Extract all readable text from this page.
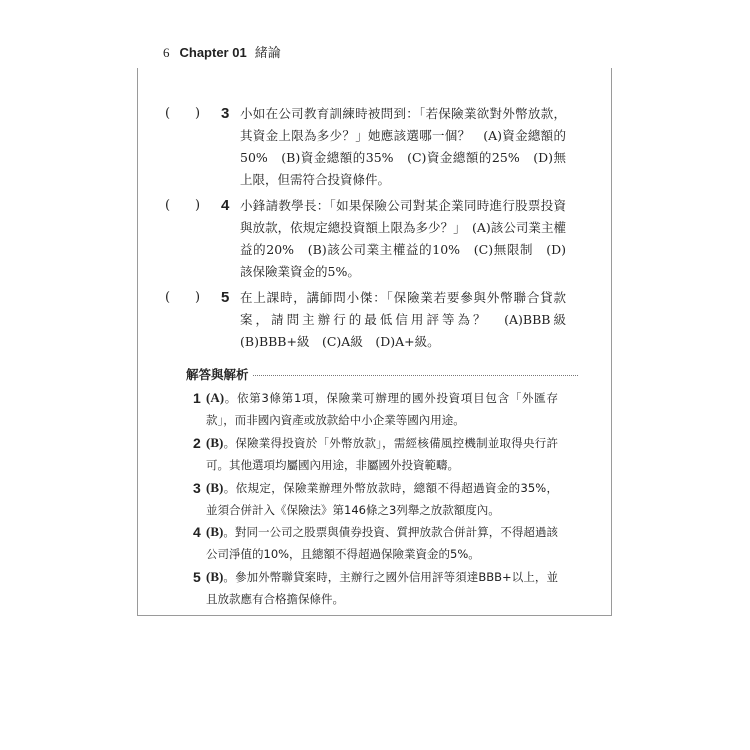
6 Chapter 01 緒論
( ) 3 小如在公司教育訓練時被問到：「若保險業欲對外幣放款，其資金上限為多少？」她應該選哪一個？　(A)資金總額的50%　(B)資金總額的35%　(C)資金總額的25%　(D)無上限，但需符合投資條件。
( ) 4 小鋒請教學長：「如果保險公司對某企業同時進行股票投資與放款，依規定總投資額上限為多少？」　(A)該公司業主權益的20%　(B)該公司業主權益的10%　(C)無限制　(D)該保險業資金的5%。
( ) 5 在上課時，講師問小傑：「保險業若要參與外幣聯合貸款案，請問主辦行的最低信用評等為？　(A)BBB級　(B)BBB+級　(C)A級　(D)A+級。
解答與解析
1 (A)。依第3條第1項，保險業可辦理的國外投資項目包含「外匯存款」，而非國內資產或放款給中小企業等國內用途。
2 (B)。保險業得投資於「外幣放款」，需經核備風控機制並取得央行許可。其他選項均屬國內用途，非屬國外投資範疇。
3 (B)。依規定，保險業辦理外幣放款時，總額不得超過資金的35%，並須合併計入《保險法》第146條之3列舉之放款額度內。
4 (B)。對同一公司之股票與債券投資、質押放款合併計算，不得超過該公司淨值的10%，且總額不得超過保險業資金的5%。
5 (B)。參加外幣聯貸案時，主辦行之國外信用評等須達BBB+以上，並且放款應有合格擔保條件。
